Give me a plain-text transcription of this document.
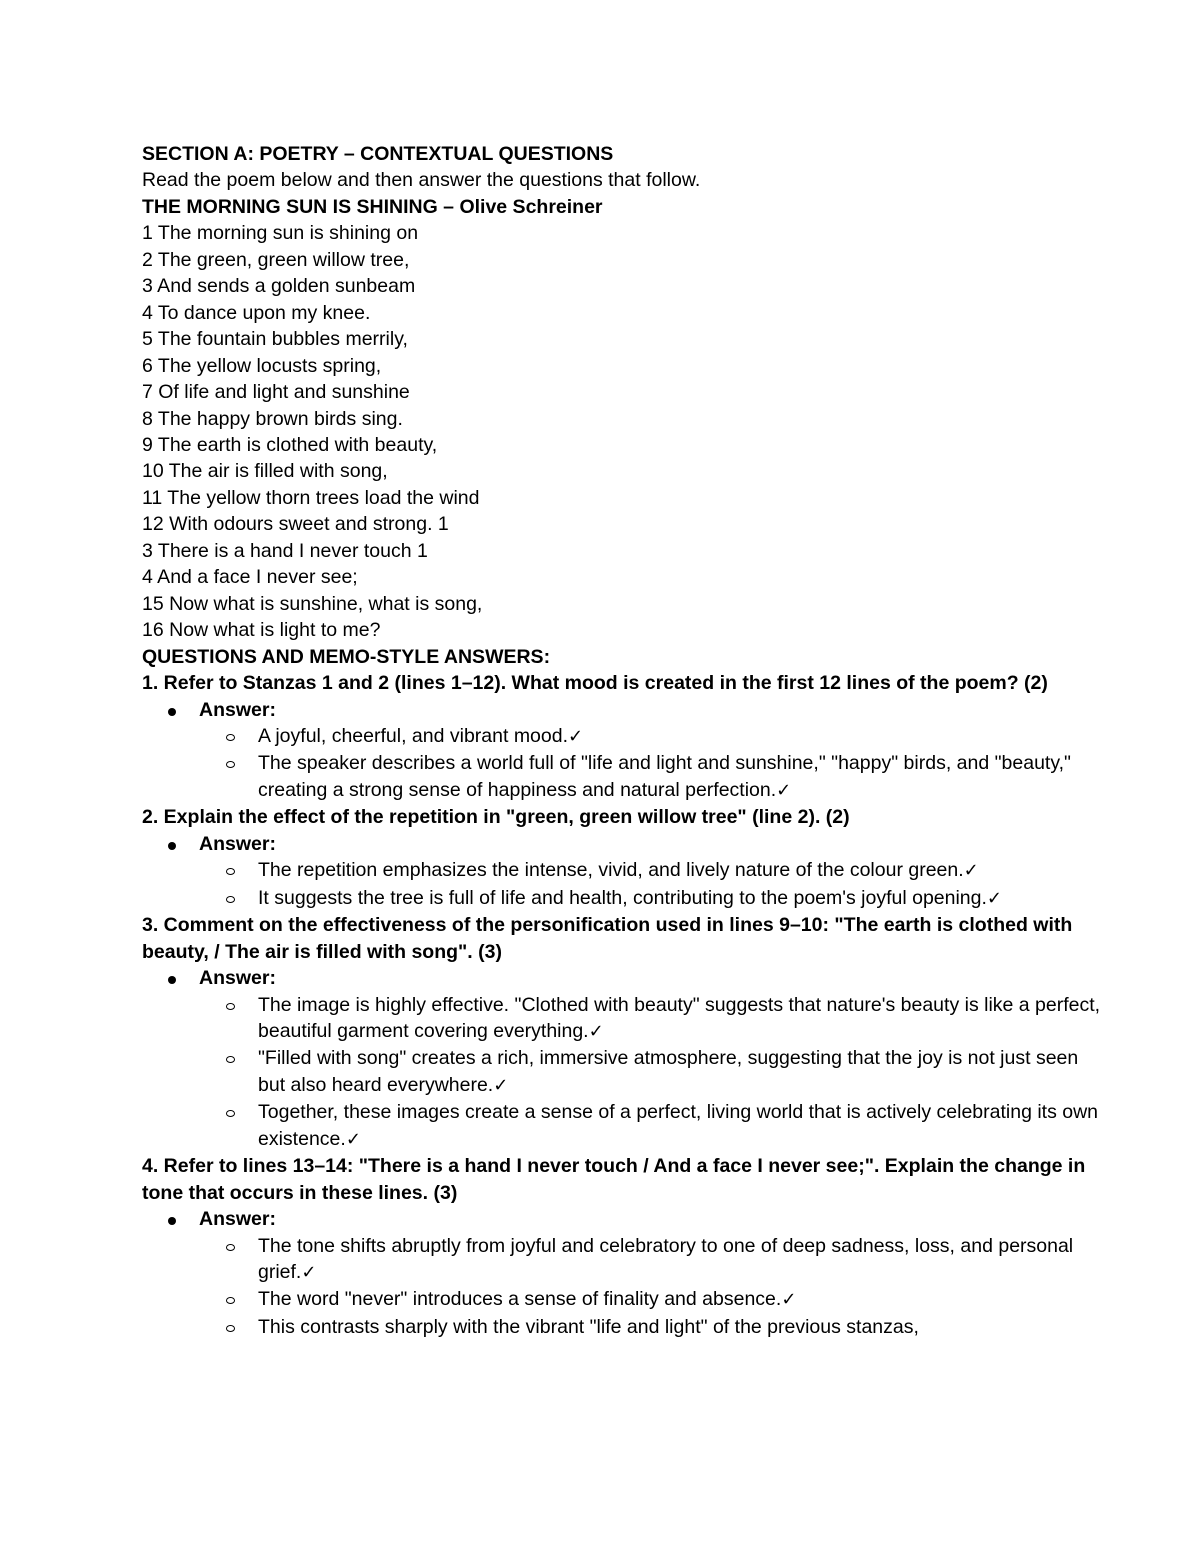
SECTION A: POETRY – CONTEXTUAL QUESTIONS
Read the poem below and then answer the questions that follow.
THE MORNING SUN IS SHINING – Olive Schreiner
1 The morning sun is shining on
2 The green, green willow tree,
3 And sends a golden sunbeam
4 To dance upon my knee.
5 The fountain bubbles merrily,
6 The yellow locusts spring,
7 Of life and light and sunshine
8 The happy brown birds sing.
9 The earth is clothed with beauty,
10 The air is filled with song,
11 The yellow thorn trees load the wind
12 With odours sweet and strong. 1
3 There is a hand I never touch 1
4 And a face I never see;
15 Now what is sunshine, what is song,
16 Now what is light to me?
QUESTIONS AND MEMO-STYLE ANSWERS:
1. Refer to Stanzas 1 and 2 (lines 1–12). What mood is created in the first 12 lines of the poem? (2)
Answer:
A joyful, cheerful, and vibrant mood.✓
The speaker describes a world full of "life and light and sunshine," "happy" birds, and "beauty," creating a strong sense of happiness and natural perfection.✓
2. Explain the effect of the repetition in "green, green willow tree" (line 2). (2)
Answer:
The repetition emphasizes the intense, vivid, and lively nature of the colour green.✓
It suggests the tree is full of life and health, contributing to the poem's joyful opening.✓
3. Comment on the effectiveness of the personification used in lines 9–10: "The earth is clothed with beauty, / The air is filled with song". (3)
Answer:
The image is highly effective. "Clothed with beauty" suggests that nature's beauty is like a perfect, beautiful garment covering everything.✓
"Filled with song" creates a rich, immersive atmosphere, suggesting that the joy is not just seen but also heard everywhere.✓
Together, these images create a sense of a perfect, living world that is actively celebrating its own existence.✓
4. Refer to lines 13–14: "There is a hand I never touch / And a face I never see;". Explain the change in tone that occurs in these lines. (3)
Answer:
The tone shifts abruptly from joyful and celebratory to one of deep sadness, loss, and personal grief.✓
The word "never" introduces a sense of finality and absence.✓
This contrasts sharply with the vibrant "life and light" of the previous stanzas,
